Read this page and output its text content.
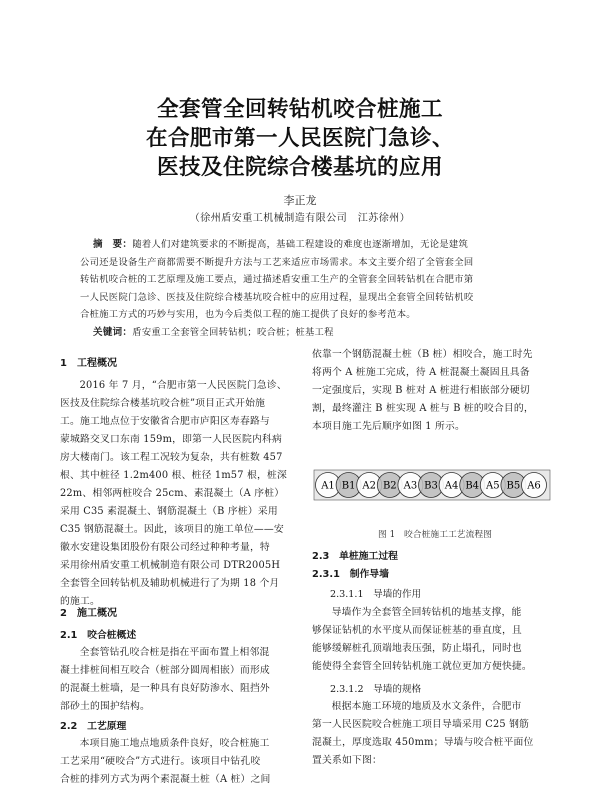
全套管全回转钻机咬合桩施工
在合肥市第一人民医院门急诊、
医技及住院综合楼基坑的应用
李正龙
（徐州盾安重工机械制造有限公司　江苏徐州）
摘　要：随着人们对建筑要求的不断提高，基础工程建设的难度也逐渐增加，无论是建筑
公司还是设备生产商都需要不断提升方法与工艺来适应市场需求。本文主要介绍了全管套全回
转钻机咬合桩的工艺原理及施工要点，通过描述盾安重工生产的全管套全回转钻机在合肥市第
一人民医院门急诊、医技及住院综合楼基坑咬合桩中的应用过程，显现出全套管全回转钻机咬
合桩施工方式的巧妙与实用，也为今后类似工程的施工提供了良好的参考范本。
关键词：盾安重工全套管全回转钻机；咬合桩；桩基工程
1　工程概况

2016 年 7 月，“合肥市第一人民医院门急诊、

医技及住院综合楼基坑咬合桩”项目正式开始施
工。施工地点位于安徽省合肥市庐阳区寿春路与
蒙城路交叉口东南 159m，即第一人民医院内科病
房大楼南门。该工程工况较为复杂，共有桩数 457
根、其中桩径 1.2m400 根、桩径 1m57 根，桩深
22m、相邻两桩咬合 25cm、素混凝土（A 序桩）
采用 C35 素混凝土、钢筋混凝土（B 序桩）采用
C35 钢筋混凝土。因此，该项目的施工单位——安
徽水安建设集团股份有限公司经过种种考量，特
采用徐州盾安重工机械制造有限公司 DTR2005H
全套管全回转钻机及辅助机械进行了为期 18 个月
的施工。
2　施工概况
2.1　咬合桩概述

全套管钻孔咬合桩是指在平面布置上相邻混

凝土排桩间相互咬合（桩部分圆周相嵌）而形成
的混凝土桩墙，是一种具有良好防渗水、阻挡外
部砂土的围护结构。
2.2　工艺原理

本项目施工地点地质条件良好，咬合桩施工

工艺采用“硬咬合”方式进行。该项目中钻孔咬
合桩的排列方式为两个素混凝土桩（A 桩）之间
依靠一个钢筋混凝土桩（B 桩）相咬合，施工时先
将两个 A 桩施工完成，待 A 桩混凝土凝固且具备
一定强度后，实现 B 桩对 A 桩进行相嵌部分硬切
割，最终灌注 B 桩实现 A 桩与 B 桩的咬合目的，
本项目施工先后顺序如图 1 所示。
A1 B1 A2 B2 A3 B3 A4 B4 A5 B5 A6
图 1　咬合桩施工工艺流程图
2.3　单桩施工过程
2.3.1　制作导墙
2.3.1.1　导墙的作用

导墙作为全套管全回转钻机的地基支撑，能

够保证钻机的水平度从而保证桩基的垂直度，且
能够缓解桩孔顶端地表压强，防止塌孔，同时也
能使得全套管全回转钻机施工就位更加方便快捷。
2.3.1.2　导墙的规格

根据本施工环境的地质及水文条件，合肥市

第一人民医院咬合桩施工项目导墙采用 C25 钢筋
混凝土，厚度选取 450mm；导墙与咬合桩平面位
置关系如下图：
